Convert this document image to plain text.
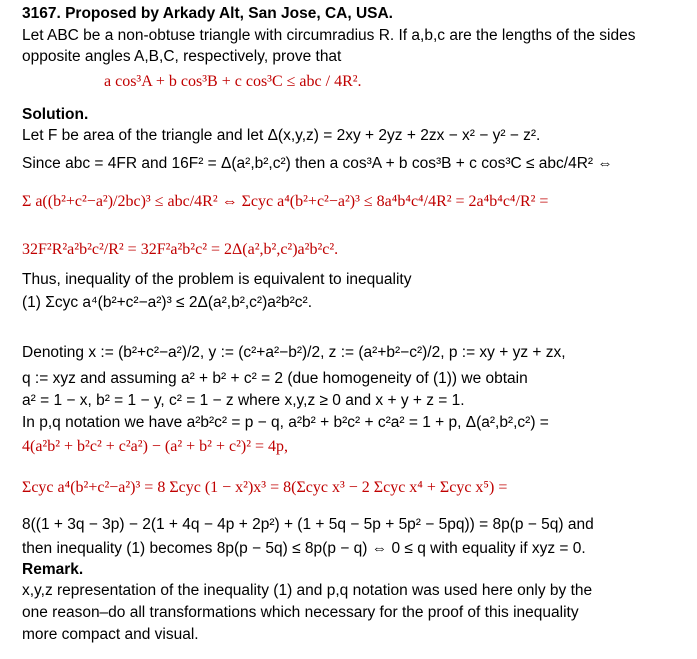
3167. Proposed by Arkady Alt, San Jose, CA, USA.
Let ABC be a non-obtuse triangle with circumradius R. If a,b,c are the lengths of the sides
opposite angles A,B,C, respectively, prove that
a cos³A + b cos³B + c cos³C ≤ abc / 4R².
Solution.
Let F be area of the triangle and let Δ(x,y,z) = 2xy + 2yz + 2zx − x² − y² − z².
Since abc = 4FR and 16F² = Δ(a²,b²,c²) then a cos³A + b cos³B + c cos³C ≤ abc/4R² ⇔
Σ a((b²+c²−a²)/2bc)³ ≤ abc/4R² ⇔ Σcyc a⁴(b²+c²−a²)³ ≤ 8a⁴b⁴c⁴/4R² = 2a⁴b⁴c⁴/R² =
32F²R²a²b²c²/R² = 32F²a²b²c² = 2Δ(a²,b²,c²)a²b²c².
Thus, inequality of the problem is equivalent to inequality
(1) Σcyc a⁴(b²+c²−a²)³ ≤ 2Δ(a²,b²,c²)a²b²c².
Denoting x := (b²+c²−a²)/2, y := (c²+a²−b²)/2, z := (a²+b²−c²)/2, p := xy + yz + zx,
q := xyz and assuming a² + b² + c² = 2 (due homogeneity of (1)) we obtain
a² = 1 − x, b² = 1 − y, c² = 1 − z where x,y,z ≥ 0 and x + y + z = 1.
In p,q notation we have a²b²c² = p − q, a²b² + b²c² + c²a² = 1 + p, Δ(a²,b²,c²) =
4(a²b² + b²c² + c²a²) − (a² + b² + c²)² = 4p,
Σcyc a⁴(b²+c²−a²)³ = 8 Σcyc (1 − x²)x³ = 8(Σcyc x³ − 2 Σcyc x⁴ + Σcyc x⁵) =
8((1 + 3q − 3p) − 2(1 + 4q − 4p + 2p²) + (1 + 5q − 5p + 5p² − 5pq)) = 8p(p − 5q) and
then inequality (1) becomes 8p(p − 5q) ≤ 8p(p − q) ⇔ 0 ≤ q with equality if xyz = 0.
Remark.
x,y,z representation of the inequality (1) and p,q notation was used here only by the
one reason–do all transformations which necessary for the proof of this inequality
more compact and visual.
